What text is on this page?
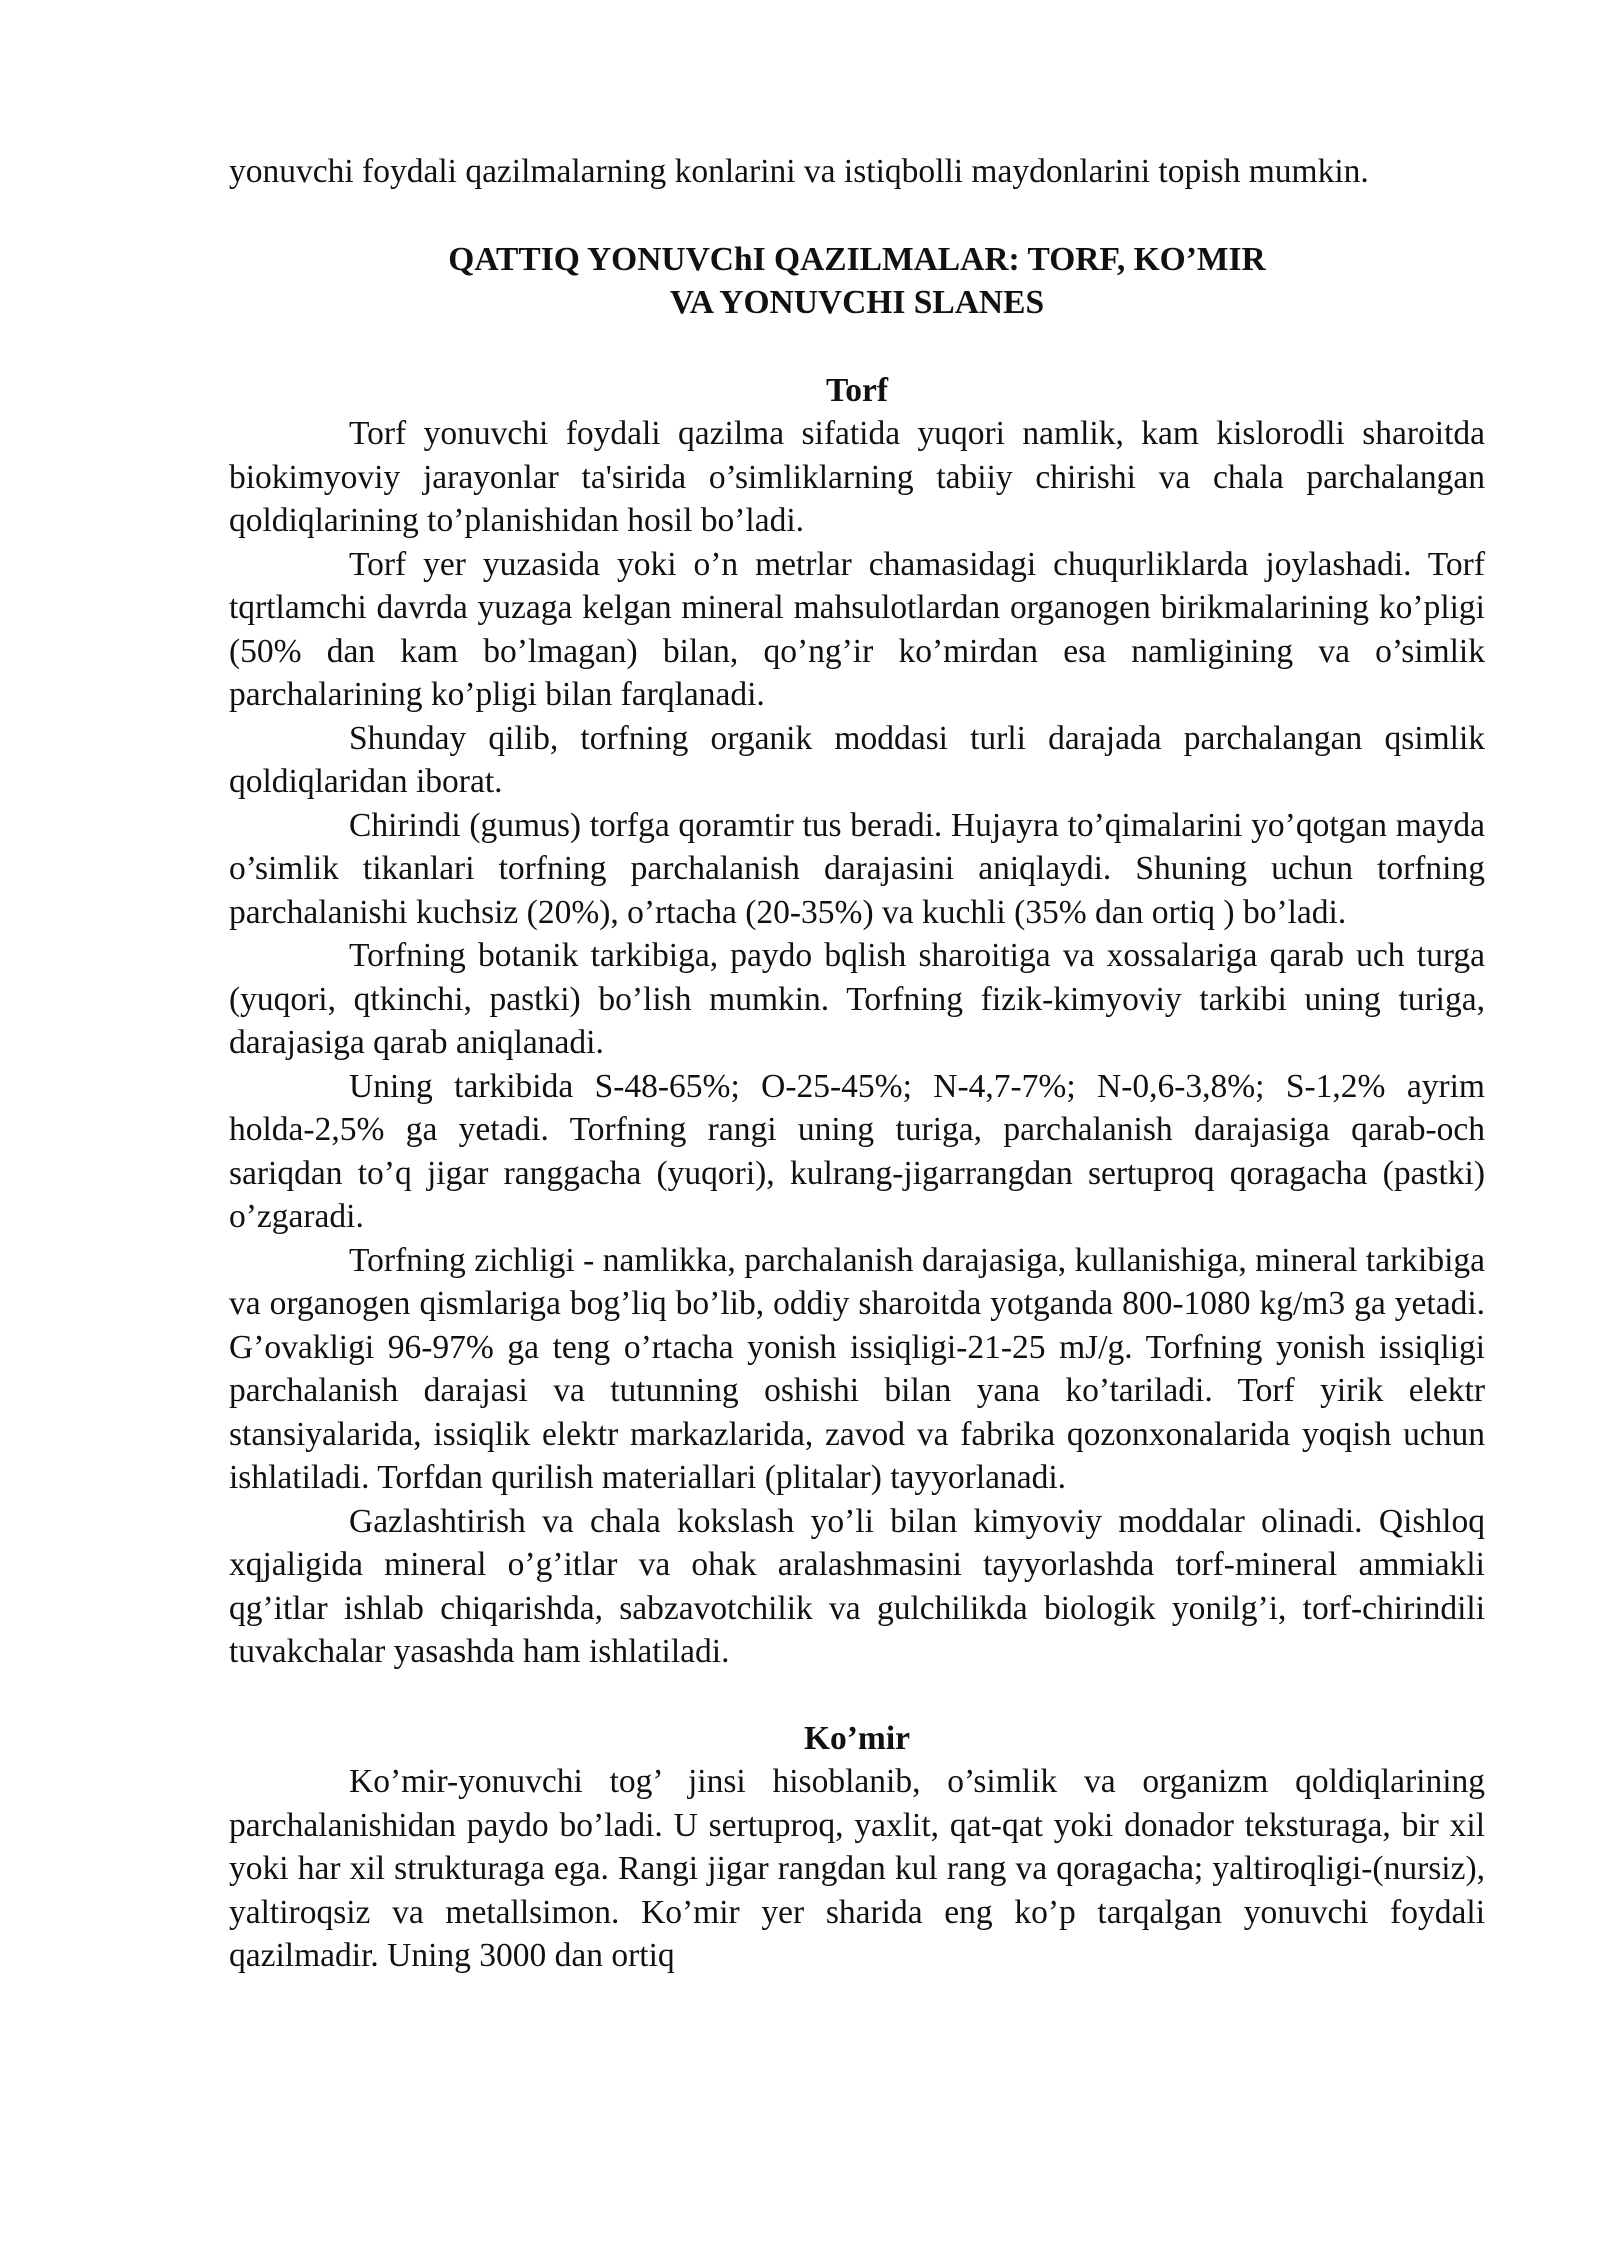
yonuvchi foydali qazilmalarning konlarini va istiqbolli maydonlarini topish mumkin.

QATTIQ YONUVChI QAZILMALAR: TORF, KO’MIR
VA YONUVCHI SLANES
Torf

Torf yonuvchi foydali qazilma sifatida yuqori namlik, kam kislorodli sharoitda biokimyoviy jarayonlar ta'sirida o’simliklarning tabiiy chirishi va chala parchalangan qoldiqlarining to’planishidan hosil bo’ladi.

Torf yer yuzasida yoki o’n metrlar chamasidagi chuqurliklarda joylashadi. Torf tqrtlamchi davrda yuzaga kelgan mineral mahsulotlardan organogen birikmalarining ko’pligi (50% dan kam bo’lmagan) bilan, qo’ng’ir ko’mirdan esa namligining va o’simlik parchalarining ko’pligi bilan farqlanadi.

Shunday qilib, torfning organik moddasi turli darajada parchalangan qsimlik qoldiqlaridan iborat.

Chirindi (gumus) torfga qoramtir tus beradi. Hujayra to’qimalarini yo’qotgan mayda o’simlik tikanlari torfning parchalanish darajasini aniqlaydi. Shuning uchun torfning parchalanishi kuchsiz (20%), o’rtacha (20-35%) va kuchli (35% dan ortiq ) bo’ladi.

Torfning botanik tarkibiga, paydo bqlish sharoitiga va xossalariga qarab uch turga (yuqori, qtkinchi, pastki) bo’lish mumkin. Torfning fizik-kimyoviy tarkibi uning turiga, darajasiga qarab aniqlanadi.

Uning tarkibida S-48-65%; O-25-45%; N-4,7-7%; N-0,6-3,8%; S-1,2% ayrim holda-2,5% ga yetadi. Torfning rangi uning turiga, parchalanish darajasiga qarab-och sariqdan to’q jigar ranggacha (yuqori), kulrang-jigarrangdan sertuproq qoragacha (pastki) o’zgaradi.

Torfning zichligi - namlikka, parchalanish darajasiga, kullanishiga, mineral tarkibiga va organogen qismlariga bog’liq bo’lib, oddiy sharoitda yotganda 800-1080 kg/m3 ga yetadi. G’ovakligi 96-97% ga teng o’rtacha yonish issiqligi-21-25 mJ/g. Torfning yonish issiqligi parchalanish darajasi va tutunning oshishi bilan yana ko’tariladi. Torf yirik elektr stansiyalarida, issiqlik elektr markazlarida, zavod va fabrika qozonxonalarida yoqish uchun ishlatiladi. Torfdan qurilish materiallari (plitalar) tayyorlanadi.

Gazlashtirish va chala kokslash yo’li bilan kimyoviy moddalar olinadi. Qishloq xqjaligida mineral o’g’itlar va ohak aralashmasini tayyorlashda torf-mineral ammiakli qg’itlar ishlab chiqarishda, sabzavotchilik va gulchilikda biologik yonilg’i, torf-chirindili tuvakchalar yasashda ham ishlatiladi.

Ko’mir

Ko’mir-yonuvchi tog’ jinsi hisoblanib, o’simlik va organizm qoldiqlarining parchalanishidan paydo bo’ladi. U sertuproq, yaxlit, qat-qat yoki donador teksturaga, bir xil yoki har xil strukturaga ega. Rangi jigar rangdan kul rang va qoragacha; yaltiroqligi-(nursiz), yaltiroqsiz va metallsimon. Ko’mir yer sharida eng ko’p tarqalgan yonuvchi foydali qazilmadir. Uning 3000 dan ortiq
